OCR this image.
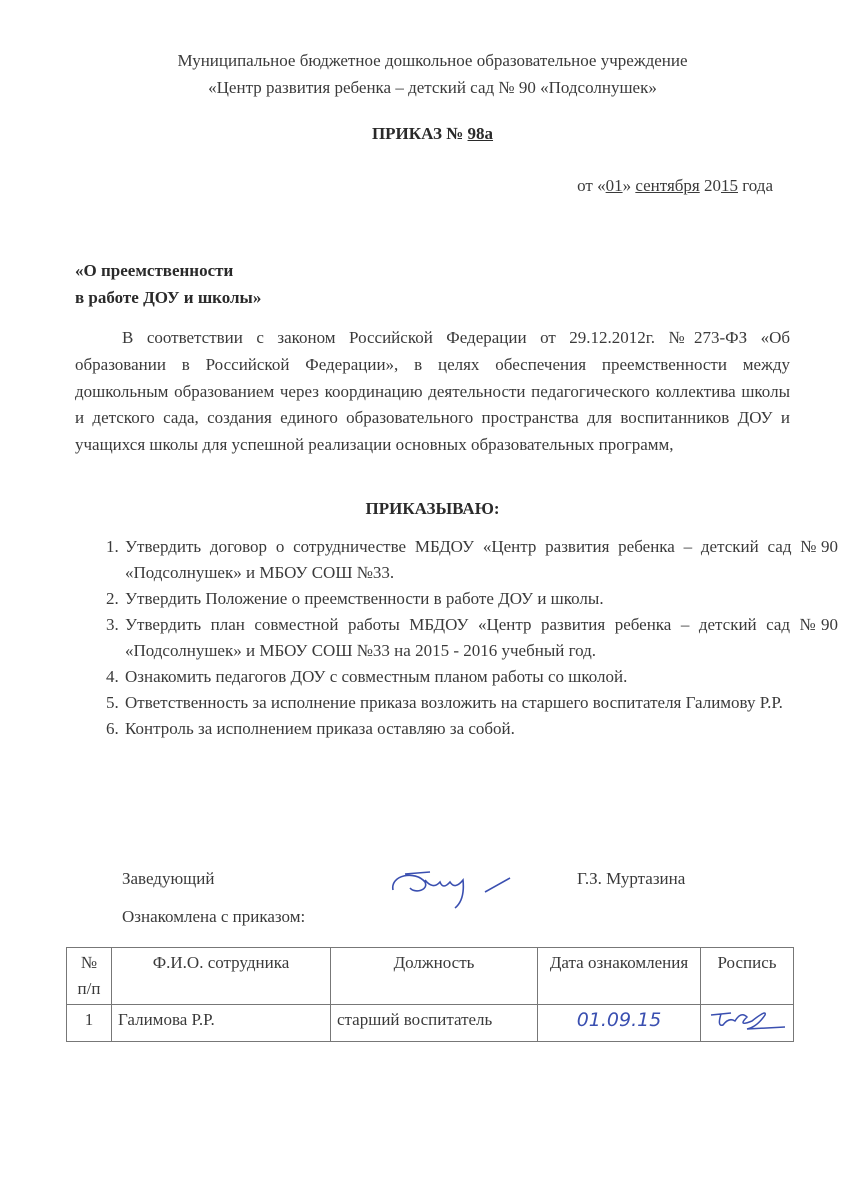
Муниципальное бюджетное дошкольное образовательное учреждение
«Центр развития ребенка – детский сад № 90 «Подсолнушек»
ПРИКАЗ № 98а
от «01» сентября 2015 года
«О преемственности
в работе ДОУ и школы»
В соответствии с законом Российской Федерации от 29.12.2012г. №273-ФЗ «Об образовании в Российской Федерации», в целях обеспечения преемственности между дошкольным образованием через координацию деятельности педагогического коллектива школы и детского сада, создания единого образовательного пространства для воспитанников ДОУ и учащихся школы для успешной реализации основных образовательных программ,
ПРИКАЗЫВАЮ:
1. Утвердить договор о сотрудничестве МБДОУ «Центр развития ребенка – детский сад №90 «Подсолнушек» и МБОУ СОШ №33.
2. Утвердить Положение о преемственности в работе ДОУ и школы.
3. Утвердить план совместной работы МБДОУ «Центр развития ребенка – детский сад №90 «Подсолнушек» и МБОУ СОШ №33 на 2015 - 2016 учебный год.
4. Ознакомить педагогов ДОУ с совместным планом работы со школой.
5. Ответственность за исполнение приказа возложить на старшего воспитателя Галимову Р.Р.
6. Контроль за исполнением приказа оставляю за собой.
Заведующий	Г.З. Муртазина
Ознакомлена с приказом:
№ п/п	Ф.И.О. сотрудника	Должность	Дата ознакомления	Роспись
1	Галимова Р.Р.	старший воспитатель	01.09.15	
